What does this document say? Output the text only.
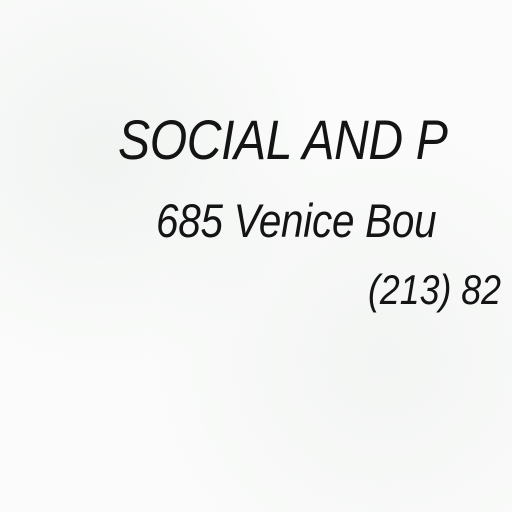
SOCIAL AND P
685 Venice Bou
(213) 82
